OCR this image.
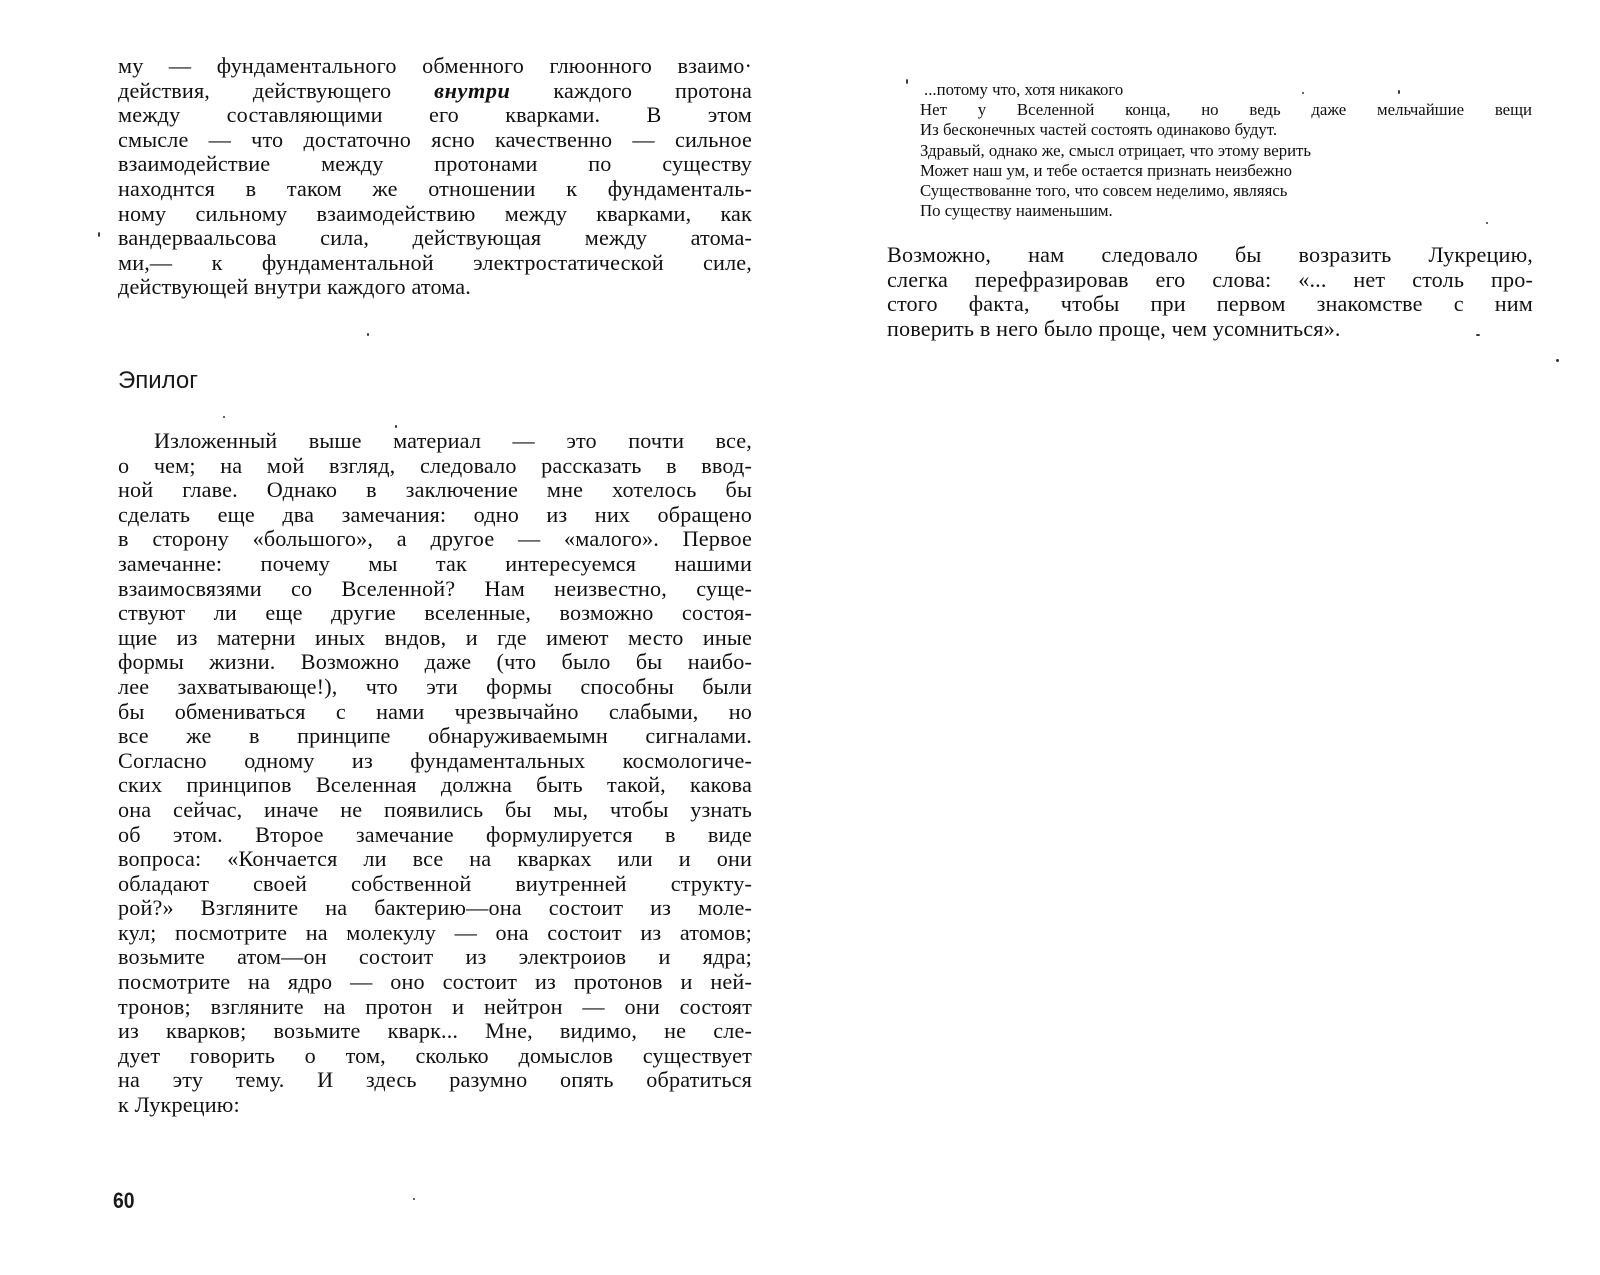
му — фундаментального обменного глюонного взаимо·
действия, действующего внутри каждого протона
между составляющими его кварками. В этом
смысле — что достаточно ясно качественно — сильное
взаимодействие между протонами по существу
находнтся в таком же отношении к фундаменталь-
ному сильному взаимодействию между кварками, как
вандерваальсова сила, действующая между атома-
ми,— к фундаментальной электростатической силе,
действующей внутри каждого атома.
Эпилог
Изложенный выше материал — это почти все,
о чем; на мой взгляд, следовало рассказать в ввод-
ной главе. Однако в заключение мне хотелось бы
сделать еще два замечания: одно из них обращено
в сторону «большого», а другое — «малого». Первое
замечанне: почему мы так интересуемся нашими
взаимосвязями со Вселенной? Нам неизвестно, суще-
ствуют ли еще другие вселенные, возможно состоя-
щие из матерни иных вндов, и где имеют место иные
формы жизни. Возможно даже (что было бы наибо-
лее захватывающе!), что эти формы способны были
бы обмениваться с нами чрезвычайно слабыми, но
все же в принципе обнаруживаемымн сигналами.
Согласно одному из фундаментальных космологиче-
ских принципов Вселенная должна быть такой, какова
она сейчас, иначе не появились бы мы, чтобы узнать
об этом. Второе замечание формулируется в виде
вопроса: «Кончается ли все на кварках или и они
обладают своей собственной виутренней структу-
рой?» Взгляните на бактерию—она состоит из моле-
кул; посмотрите на молекулу — она состоит из атомов;
возьмите атом—он состоит из электроиов и ядра;
посмотрите на ядро — оно состоит из протонов и ней-
тронов; взгляните на протон и нейтрон — они состоят
из кварков; возьмите кварк... Мне, видимо, не сле-
дует говорить о том, сколько домыслов существует
на эту тему. И здесь разумно опять обратиться
к Лукрецию:
60
...потому что, хотя никакого
Нет у Вселенной конца, но ведь даже мельчайшие вещи
Из бесконечных частей состоять одинаково будут.
Здравый, однако же, смысл отрицает, что этому верить
Может наш ум, и тебе остается признать неизбежно
Существованне того, что совсем неделимо, являясь
По существу наименьшим.
Возможно, нам следовало бы возразить Лукрецию,
слегка перефразировав его слова: «... нет столь про-
стого факта, чтобы при первом знакомстве с ним
поверить в него было проще, чем усомниться».
